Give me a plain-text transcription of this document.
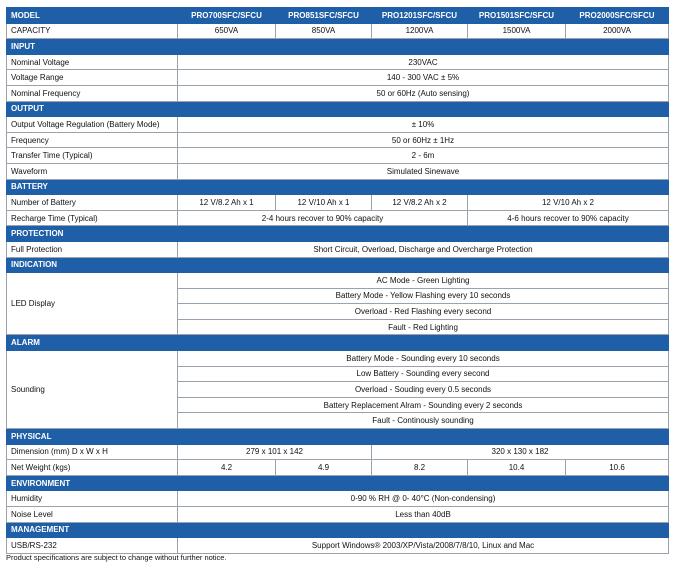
MODEL	PRO700SFC/SFCU	PRO851SFC/SFCU	PRO1201SFC/SFCU	PRO1501SFC/SFCU	PRO2000SFC/SFCU
CAPACITY	650VA	850VA	1200VA	1500VA	2000VA
INPUT					
Nominal Voltage	230VAC				
Voltage Range	140 - 300 VAC ± 5%				
Nominal Frequency	50 or 60Hz (Auto sensing)				
OUTPUT					
Output Voltage Regulation (Battery Mode)	± 10%				
Frequency	50 or 60Hz ± 1Hz				
Transfer Time (Typical)	2 - 6m				
Waveform	Simulated Sinewave				
BATTERY					
Number of Battery	12 V/8.2 Ah x 1	12 V/10 Ah x 1	12 V/8.2 Ah x 2	12 V/10 Ah x 2	
Recharge Time (Typical)	2-4 hours recover to 90% capacity			4-6 hours recover to 90% capacity	
PROTECTION					
Full Protection	Short Circuit, Overload, Discharge and Overcharge Protection				
INDICATION					
LED Display	AC Mode - Green Lighting				
	Battery Mode - Yellow Flashing every 10 seconds				
	Overload - Red Flashing every second				
	Fault - Red Lighting				
ALARM					
Sounding	Battery Mode - Sounding every 10 seconds				
	Low Battery - Sounding every second				
	Overload - Souding every 0.5 seconds				
	Battery Replacement Alram - Sounding every 2 seconds				
	Fault - Continously sounding				
PHYSICAL					
Dimension (mm) D x W x H	279 x 101 x 142		320 x 130 x 182		
Net Weight (kgs)	4.2	4.9	8.2	10.4	10.6
ENVIRONMENT					
Humidity	0-90 % RH @ 0- 40°C (Non-condensing)				
Noise Level	Less than 40dB				
MANAGEMENT					
USB/RS-232	Support Windows® 2003/XP/Vista/2008/7/8/10, Linux and Mac				
Product specifications are subject to change without further notice.
